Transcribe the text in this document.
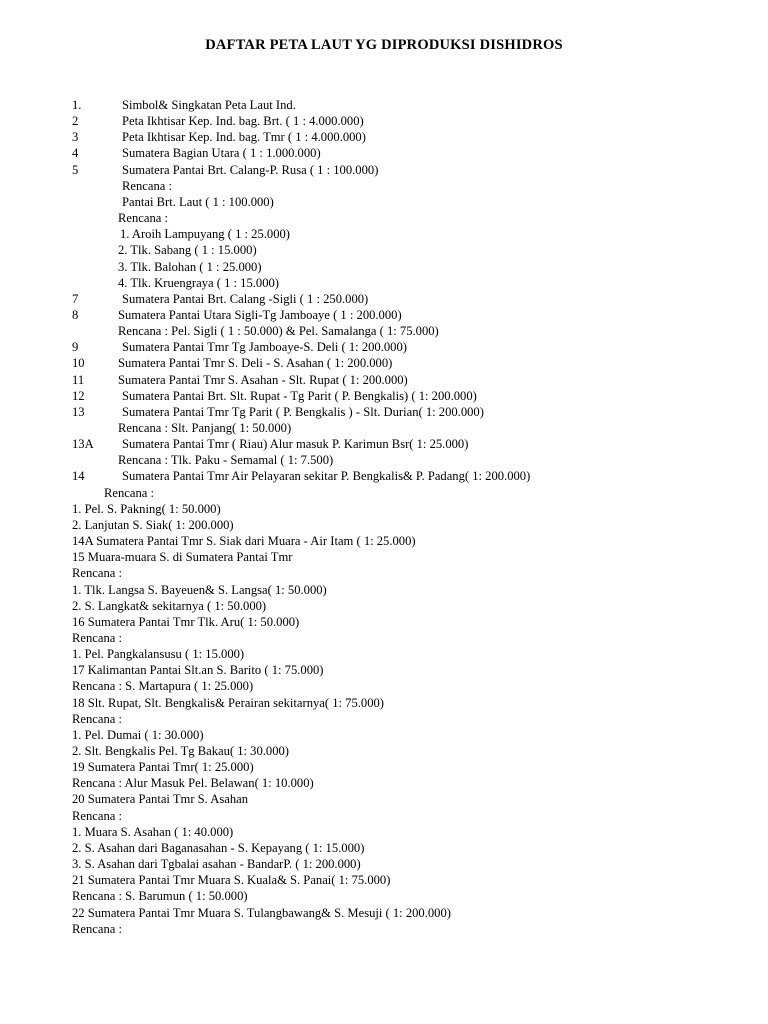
DAFTAR PETA LAUT YG DIPRODUKSI DISHIDROS
1.	Simbol& Singkatan Peta Laut Ind.
2	Peta Ikhtisar Kep. Ind. bag. Brt. ( 1 : 4.000.000)
3	Peta Ikhtisar Kep. Ind. bag. Tmr ( 1 : 4.000.000)
4	Sumatera Bagian Utara ( 1 : 1.000.000)
5	Sumatera Pantai Brt. Calang-P. Rusa ( 1 : 100.000)
Rencana :
Pantai Brt. Laut ( 1 : 100.000)
Rencana :
1. Aroih Lampuyang ( 1 : 25.000)
2. Tlk. Sabang ( 1 : 15.000)
3. Tlk. Balohan ( 1 : 25.000)
4. Tlk. Kruengraya ( 1 : 15.000)
7	Sumatera Pantai Brt. Calang -Sigli ( 1 : 250.000)
8	Sumatera Pantai Utara Sigli-Tg Jamboaye ( 1 : 200.000)
Rencana : Pel. Sigli ( 1 : 50.000) & Pel. Samalanga ( 1: 75.000)
9	Sumatera Pantai Tmr Tg Jamboaye-S. Deli ( 1: 200.000)
10	Sumatera Pantai Tmr S. Deli - S. Asahan ( 1: 200.000)
11	Sumatera Pantai Tmr S. Asahan - Slt. Rupat ( 1: 200.000)
12	Sumatera Pantai Brt. Slt. Rupat - Tg Parit ( P. Bengkalis) ( 1: 200.000)
13	Sumatera Pantai Tmr Tg Parit ( P. Bengkalis ) - Slt. Durian( 1: 200.000)
Rencana : Slt. Panjang( 1: 50.000)
13A Sumatera Pantai Tmr ( Riau) Alur masuk P. Karimun Bsr( 1: 25.000)
Rencana : Tlk. Paku - Semamal ( 1: 7.500)
14	Sumatera Pantai Tmr Air Pelayaran sekitar P. Bengkalis& P. Padang( 1: 200.000)
Rencana :
1. Pel. S. Pakning( 1: 50.000)
2. Lanjutan S. Siak( 1: 200.000)
14A Sumatera Pantai Tmr S. Siak dari Muara - Air Itam ( 1: 25.000)
15 Muara-muara S. di Sumatera Pantai Tmr
Rencana :
1. Tlk. Langsa S. Bayeuen& S. Langsa( 1: 50.000)
2. S. Langkat& sekitarnya ( 1: 50.000)
16 Sumatera Pantai Tmr Tlk. Aru( 1: 50.000)
Rencana :
1. Pel. Pangkalansusu ( 1: 15.000)
17 Kalimantan Pantai Slt.an S. Barito ( 1: 75.000)
Rencana : S. Martapura ( 1: 25.000)
18 Slt. Rupat, Slt. Bengkalis& Perairan sekitarnya( 1: 75.000)
Rencana :
1. Pel. Dumai ( 1: 30.000)
2. Slt. Bengkalis Pel. Tg Bakau( 1: 30.000)
19 Sumatera Pantai Tmr( 1: 25.000)
Rencana : Alur Masuk Pel. Belawan( 1: 10.000)
20 Sumatera Pantai Tmr S. Asahan
Rencana :
1. Muara S. Asahan ( 1: 40.000)
2. S. Asahan dari Baganasahan - S. Kepayang ( 1: 15.000)
3. S. Asahan dari Tgbalai asahan - BandarP. ( 1: 200.000)
21 Sumatera Pantai Tmr Muara S. Kuala& S. Panai( 1: 75.000)
Rencana : S. Barumun ( 1: 50.000)
22 Sumatera Pantai Tmr Muara S. Tulangbawang& S. Mesuji ( 1: 200.000)
Rencana :
